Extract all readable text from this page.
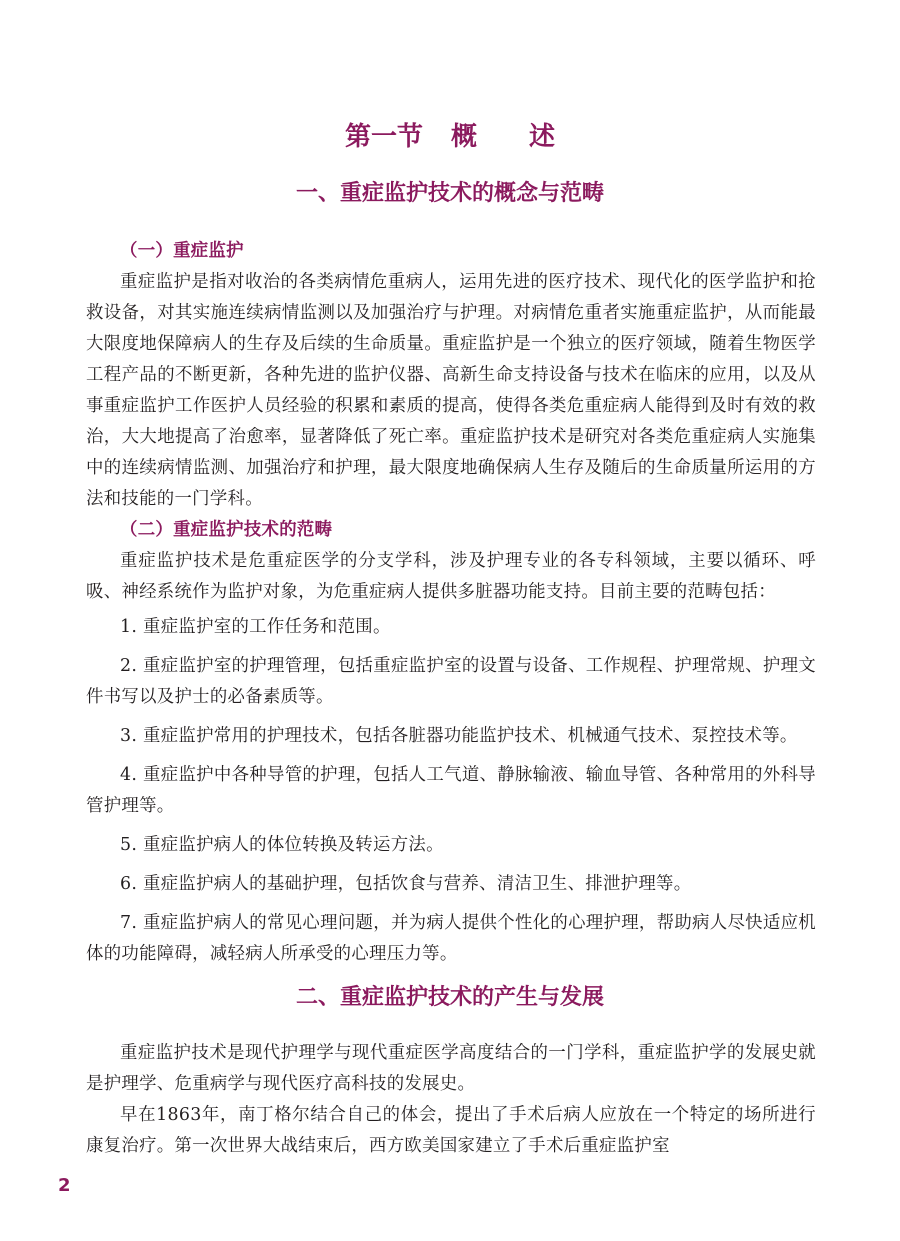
第一节 概 述
一、重症监护技术的概念与范畴
（一）重症监护

重症监护是指对收治的各类病情危重病人，运用先进的医疗技术、现代化的医学监护和抢救设备，对其实施连续病情监测以及加强治疗与护理。对病情危重者实施重症监护，从而能最大限度地保障病人的生存及后续的生命质量。重症监护是一个独立的医疗领域，随着生物医学工程产品的不断更新，各种先进的监护仪器、高新生命支持设备与技术在临床的应用，以及从事重症监护工作医护人员经验的积累和素质的提高，使得各类危重症病人能得到及时有效的救治，大大地提高了治愈率，显著降低了死亡率。重症监护技术是研究对各类危重症病人实施集中的连续病情监测、加强治疗和护理，最大限度地确保病人生存及随后的生命质量所运用的方法和技能的一门学科。

（二）重症监护技术的范畴

重症监护技术是危重症医学的分支学科，涉及护理专业的各专科领域，主要以循环、呼吸、神经系统作为监护对象，为危重症病人提供多脏器功能支持。目前主要的范畴包括：

1. 重症监护室的工作任务和范围。

2. 重症监护室的护理管理，包括重症监护室的设置与设备、工作规程、护理常规、护理文件书写以及护士的必备素质等。

3. 重症监护常用的护理技术，包括各脏器功能监护技术、机械通气技术、泵控技术等。

4. 重症监护中各种导管的护理，包括人工气道、静脉输液、输血导管、各种常用的外科导管护理等。

5. 重症监护病人的体位转换及转运方法。

6. 重症监护病人的基础护理，包括饮食与营养、清洁卫生、排泄护理等。

7. 重症监护病人的常见心理问题，并为病人提供个性化的心理护理，帮助病人尽快适应机体的功能障碍，减轻病人所承受的心理压力等。

二、重症监护技术的产生与发展

重症监护技术是现代护理学与现代重症医学高度结合的一门学科，重症监护学的发展史就是护理学、危重病学与现代医疗高科技的发展史。

早在1863年，南丁格尔结合自己的体会，提出了手术后病人应放在一个特定的场所进行康复治疗。第一次世界大战结束后，西方欧美国家建立了手术后重症监护室

2
